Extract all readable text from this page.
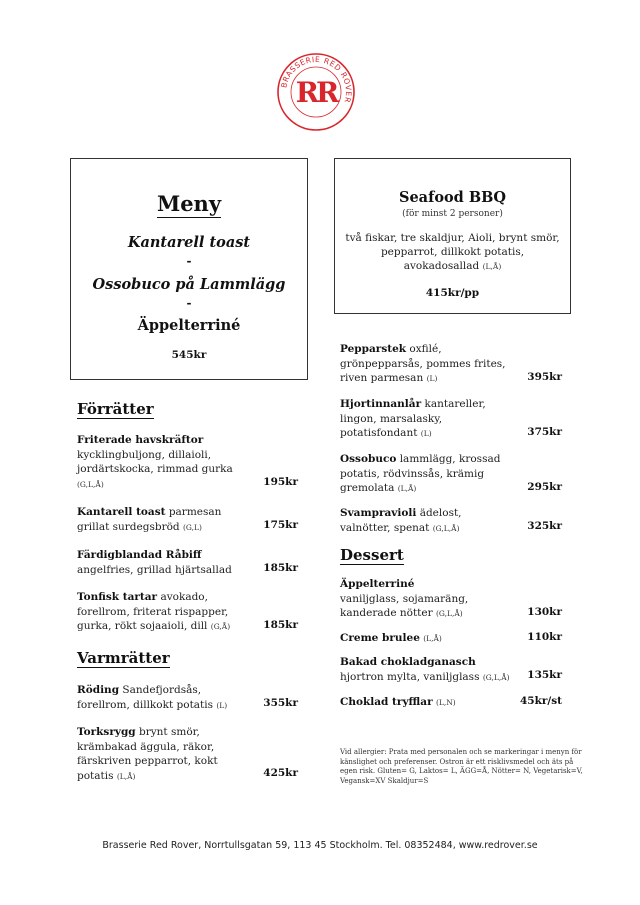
BRASSERIE RED ROVER
RR
Meny
Kantarell toast
-
Ossobuco på Lammlägg
-
Äppelterriné
545kr
Seafood BBQ
(för minst 2 personer)
två fiskar, tre skaldjur, Aioli, brynt smör, pepparrot, dillkokt potatis, avokadosallad (L,Å)
415kr/pp
Förrätter
Friterade havskräftor
kycklingbuljong, dillaioli, jordärtskocka, rimmad gurka (G,L,Å)	195kr
Kantarell toast parmesan grillat surdegsbröd (G,L)	175kr
Färdigblandad Råbiff
angelfries, grillad hjärtsallad	185kr
Tonfisk tartar avokado, forellrom, friterat rispapper, gurka, rökt sojaaioli, dill (G,Å)	185kr
Varmrätter
Röding Sandefjordsås, forellrom, dillkokt potatis (L)	355kr
Torksrygg brynt smör, krämbakad äggula, räkor, färskriven pepparrot, kokt potatis (L,Å)	425kr
Pepparstek oxfilé, grönpepparsås, pommes frites, riven parmesan (L)	395kr
Hjortinnanlår kantareller, lingon, marsalasky, potatisfondant (L)	375kr
Ossobuco lammlägg, krossad potatis, rödvinssås, krämig gremolata (L,Å)	295kr
Svampravioli ädelost, valnötter, spenat (G,L,Å)	325kr
Dessert
Äppelterriné
vaniljglass, sojamaräng, kanderade nötter (G,L,Å)	130kr
Creme brulee (L,Å)	110kr
Bakad chokladganasch
hjortron mylta, vaniljglass (G,L,Å)	135kr
Choklad tryfflar (L,N)	45kr/st
Vid allergier: Prata med personalen och se markeringar i menyn för känslighet och preferenser. Ostron är ett risklivsmedel och äts på egen risk. Gluten= G, Laktos= L, ÄGG=Å, Nötter= N, Vegetarisk=V, Vegansk=XV Skaldjur=S
Brasserie Red Rover, Norrtullsgatan 59, 113 45 Stockholm. Tel. 08352484, www.redrover.se
